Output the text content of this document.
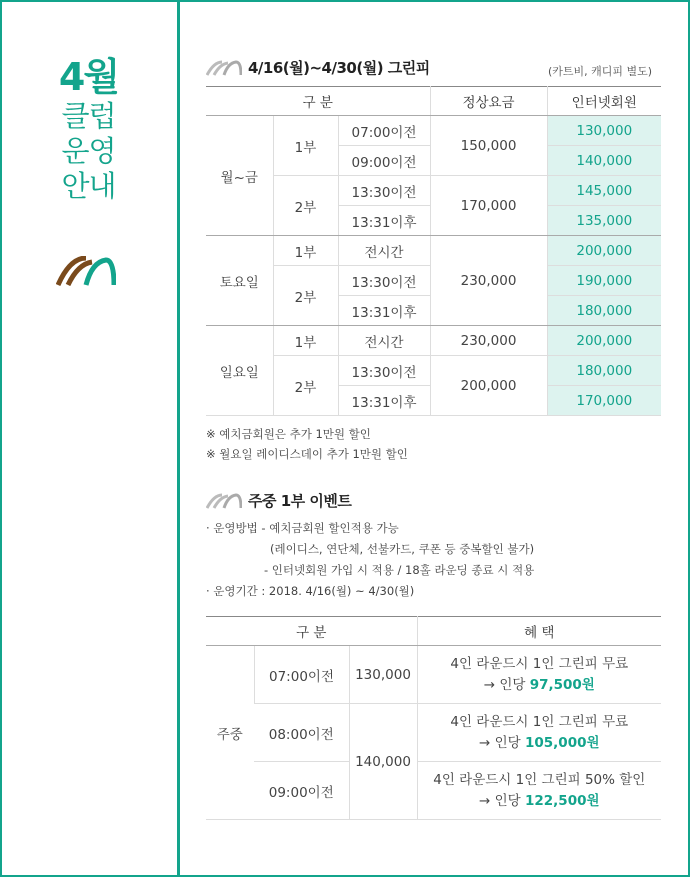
4월
클럽
운영
안내
4/16(월)~4/30(월) 그린피	(카트비, 캐디피 별도)
구 분			정상요금	인터넷회원
월~금	1부	07:00이전	150,000	130,000
		09:00이전		140,000
	2부	13:30이전	170,000	145,000
		13:31이후		135,000
토요일	1부	전시간	230,000	200,000
	2부	13:30이전		190,000
		13:31이후		180,000
일요일	1부	전시간	230,000	200,000
	2부	13:30이전	200,000	180,000
		13:31이후		170,000
※ 예치금회원은 추가 1만원 할인
※ 월요일 레이디스데이 추가 1만원 할인
주중 1부 이벤트
· 운영방법 - 예치금회원 할인적용 가능
(레이디스, 연단체, 선불카드, 쿠폰 등 중복할인 불가)
- 인터넷회원 가입 시 적용 / 18홀 라운딩 종료 시 적용
· 운영기간 : 2018. 4/16(월) ~ 4/30(월)
구 분			혜 택
주중	07:00이전	130,000	4인 라운드시 1인 그린피 무료
→ 인당 97,500원

	08:00이전	140,000	4인 라운드시 1인 그린피 무료
→ 인당 105,000원

	09:00이전		4인 라운드시 1인 그린피 50% 할인
→ 인당 122,500원
